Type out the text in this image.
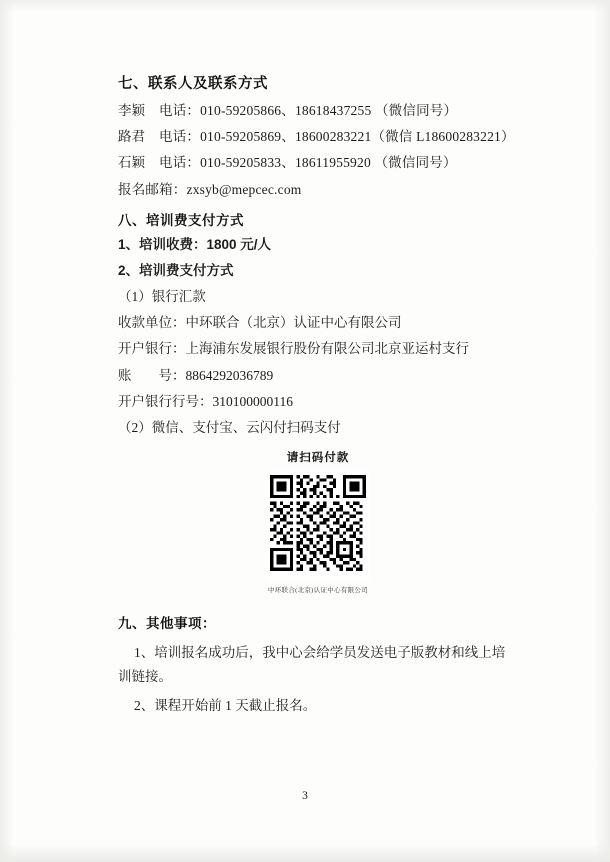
七、联系人及联系方式
李颖 电话：010-59205866、18618437255 （微信同号）
路君 电话：010-59205869、18600283221（微信 L18600283221）
石颖 电话：010-59205833、18611955920 （微信同号）
报名邮箱：zxsyb@mepcec.com
八、培训费支付方式
1、培训收费：1800 元/人
2、培训费支付方式
（1）银行汇款
收款单位：中环联合（北京）认证中心有限公司
开户银行：上海浦东发展银行股份有限公司北京亚运村支行
账　　号：8864292036789
开户银行行号：310100000116
（2）微信、支付宝、云闪付扫码支付
请扫码付款
中环联合(北京)认证中心有限公司
九、其他事项：
1、培训报名成功后，我中心会给学员发送电子版教材和线上培训链接。
2、课程开始前 1 天截止报名。
3
